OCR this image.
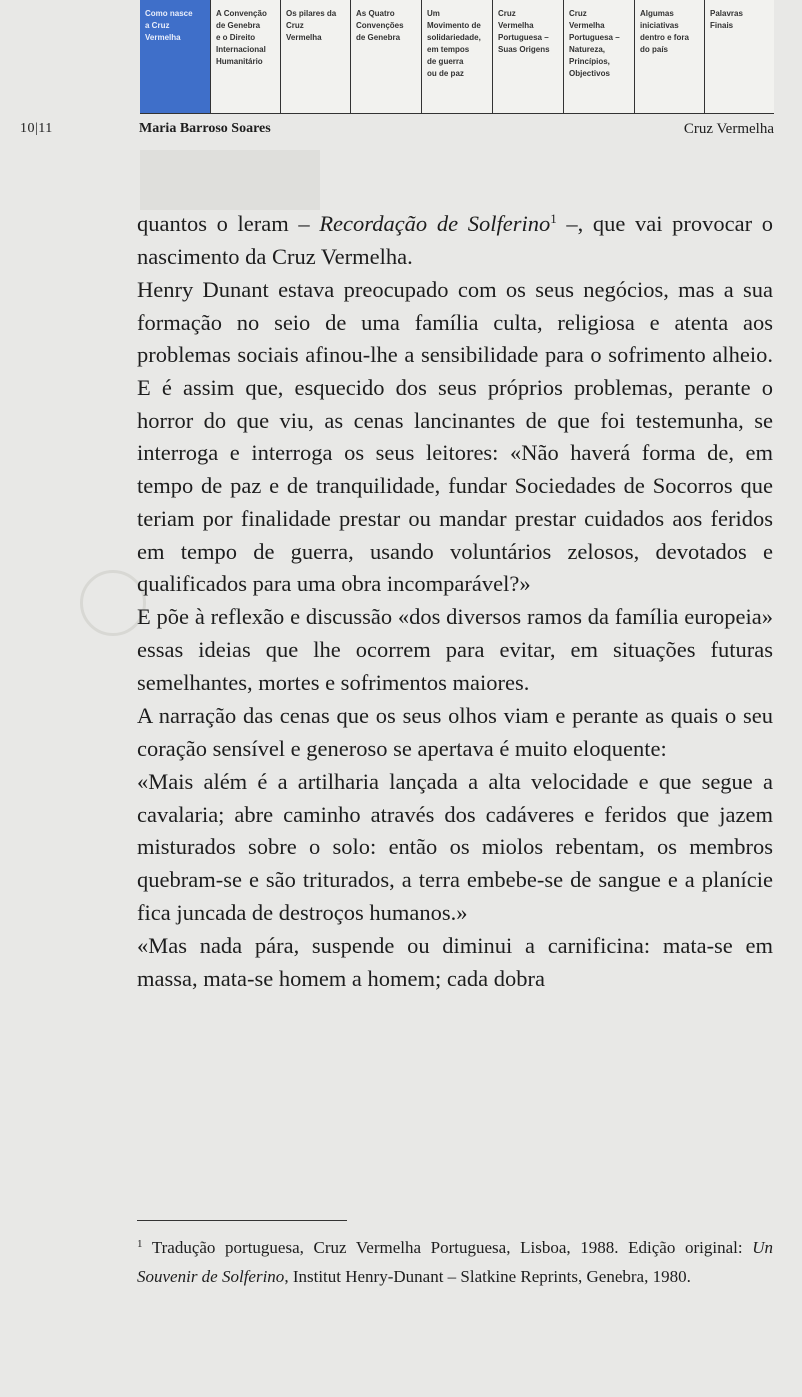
Como nasce
a Cruz
Vermelha
A Convenção
de Genebra
e o Direito
Internacional
Humanitário
Os pilares da
Cruz
Vermelha
As Quatro
Convenções
de Genebra
Um
Movimento de
solidariedade,
em tempos
de guerra
ou de paz
Cruz
Vermelha
Portuguesa –
Suas Origens
Cruz
Vermelha
Portuguesa –
Natureza,
Princípios,
Objectivos
Algumas
iniciativas
dentro e fora
do país
Palavras
Finais
10|11	Maria Barroso Soares	Cruz Vermelha

quantos o leram – Recordação de Solferino$^1$ –, que vai provocar o nascimento da Cruz Vermelha.

Henry Dunant estava preocupado com os seus negócios, mas a sua formação no seio de uma família culta, religiosa e atenta aos problemas sociais afinou-lhe a sensibilidade para o sofrimento alheio. E é assim que, esquecido dos seus próprios problemas, perante o horror do que viu, as cenas lancinantes de que foi testemunha, se interroga e interroga os seus leitores: «Não haverá forma de, em tempo de paz e de tranquilidade, fundar Sociedades de Socorros que teriam por finalidade prestar ou mandar prestar cuidados aos feridos em tempo de guerra, usando voluntários zelosos, devotados e qualificados para uma obra incomparável?»

E põe à reflexão e discussão «dos diversos ramos da família europeia» essas ideias que lhe ocorrem para evitar, em situações futuras semelhantes, mortes e sofrimentos maiores.

A narração das cenas que os seus olhos viam e perante as quais o seu coração sensível e generoso se apertava é muito eloquente:

«Mais além é a artilharia lançada a alta velocidade e que segue a cavalaria; abre caminho através dos cadáveres e feridos que jazem misturados sobre o solo: então os miolos rebentam, os membros quebram-se e são triturados, a terra embebe-se de sangue e a planície fica juncada de destroços humanos.»

«Mas nada pára, suspende ou diminui a carnificina: mata-se em massa, mata-se homem a homem; cada dobra

$^1$ Tradução portuguesa, Cruz Vermelha Portuguesa, Lisboa, 1988. Edição original: Un Souvenir de Solferino, Institut Henry-Dunant – Slatkine Reprints, Genebra, 1980.
